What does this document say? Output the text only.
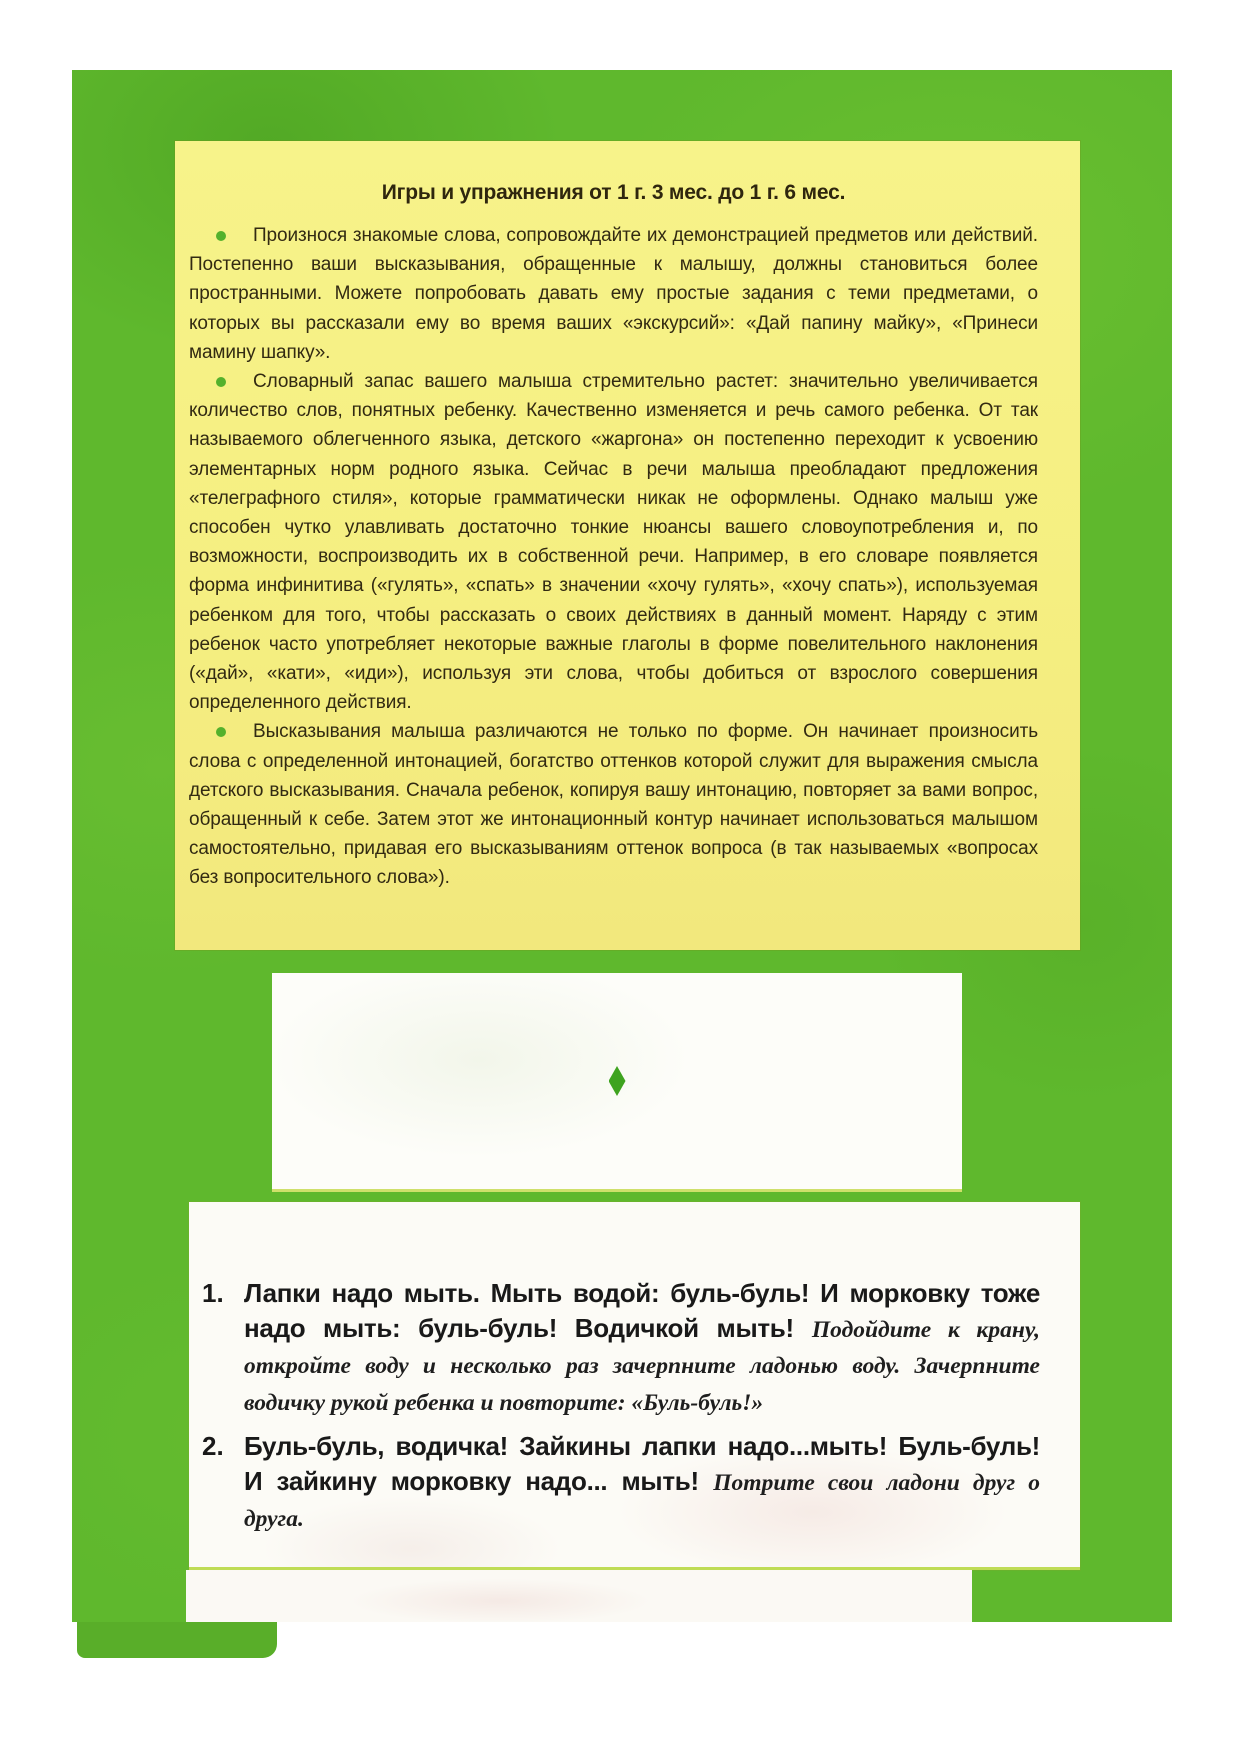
Игры и упражнения от 1 г. 3 мес. до 1 г. 6 мес.

Произнося знакомые слова, сопровождайте их демонстрацией предметов или действий. Постепенно ваши высказывания, обращенные к малышу, должны становиться более пространными. Можете попробовать давать ему простые задания с теми предметами, о которых вы рассказали ему во время ваших «экскурсий»: «Дай папину майку», «Принеси мамину шапку».

Словарный запас вашего малыша стремительно растет: значительно увеличивается количество слов, понятных ребенку. Качественно изменяется и речь самого ребенка. От так называемого облегченного языка, детского «жаргона» он постепенно переходит к усвоению элементарных норм родного языка. Сейчас в речи малыша преобладают предложения «телеграфного стиля», которые грамматически никак не оформлены. Однако малыш уже способен чутко улавливать достаточно тонкие нюансы вашего словоупотребления и, по возможности, воспроизводить их в собственной речи. Например, в его словаре появляется форма инфинитива («гулять», «спать» в значении «хочу гулять», «хочу спать»), используемая ребенком для того, чтобы рассказать о своих действиях в данный момент. Наряду с этим ребенок часто употребляет некоторые важные глаголы в форме повелительного наклонения («дай», «кати», «иди»), используя эти слова, чтобы добиться от взрослого совершения определенного действия.

Высказывания малыша различаются не только по форме. Он начинает произносить слова с определенной интонацией, богатство оттенков которой служит для выражения смысла детского высказывания. Сначала ребенок, копируя вашу интонацию, повторяет за вами вопрос, обращенный к себе. Затем этот же интонационный контур начинает использоваться малышом самостоятельно, придавая его высказываниям оттенок вопроса (в так называемых «вопросах без вопросительного слова»).

1. Лапки надо мыть. Мыть водой: буль-буль! И морковку тоже надо мыть: буль-буль! Водичкой мыть! Подойдите к крану, откройте воду и несколько раз зачерпните ладонью воду. Зачерпните водичку рукой ребенка и повторите: «Буль-буль!»
2. Буль-буль, водичка! Зайкины лапки надо...мыть! Буль-буль! И зайкину морковку надо... мыть! Потрите свои ладони друг о друга.
